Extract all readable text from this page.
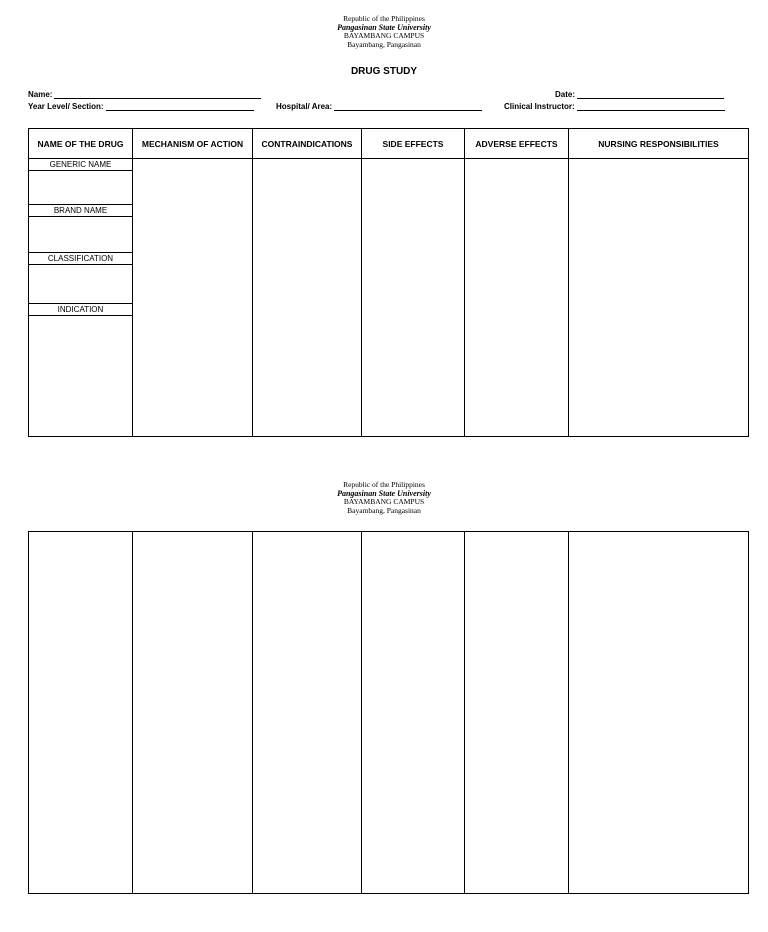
Republic of the Philippines
Pangasinan State University
BAYAMBANG CAMPUS
Bayambang, Pangasinan
DRUG STUDY
Name:	Date:
Year Level/ Section:	Hospital/ Area:	Clinical Instructor:
NAME OF THE DRUG	MECHANISM OF ACTION	CONTRAINDICATIONS	SIDE EFFECTS	ADVERSE EFFECTS	NURSING RESPONSIBILITIES

GENERIC NAME
BRAND NAME
CLASSIFICATION
INDICATION					

Republic of the Philippines
Pangasinan State University
BAYAMBANG CAMPUS
Bayambang, Pangasinan
